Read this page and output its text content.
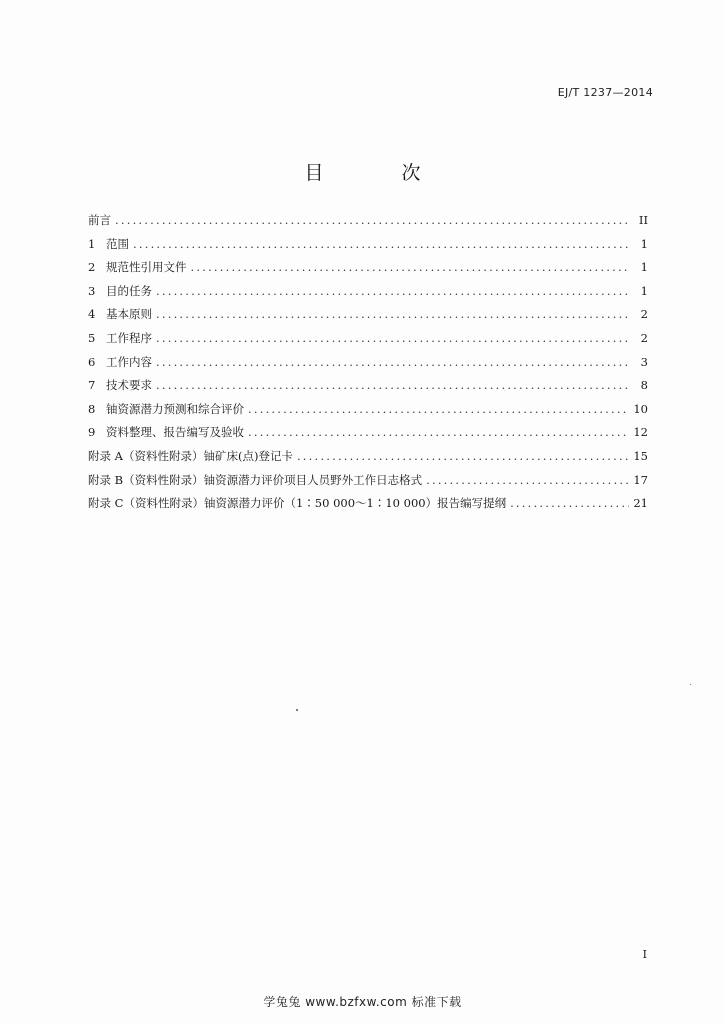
EJ/T 1237—2014
目 次
前言 .....	II
1 范围 .....	1
2 规范性引用文件 .....	1
3 目的任务 .....	1
4 基本原则 .....	2
5 工作程序 .....	2
6 工作内容 .....	3
7 技术要求 .....	8
8 铀资源潜力预测和综合评价 .....	10
9 资料整理、报告编写及验收 .....	12
附录 A（资料性附录） 铀矿床(点)登记卡 .....	15
附录 B（资料性附录） 铀资源潜力评价项目人员野外工作日志格式 .....	17
附录 C（资料性附录） 铀资源潜力评价（1∶50 000～1∶10 000）报告编写提纲 .....	21
I
学兔兔 www.bzfxw.com 标准下载
